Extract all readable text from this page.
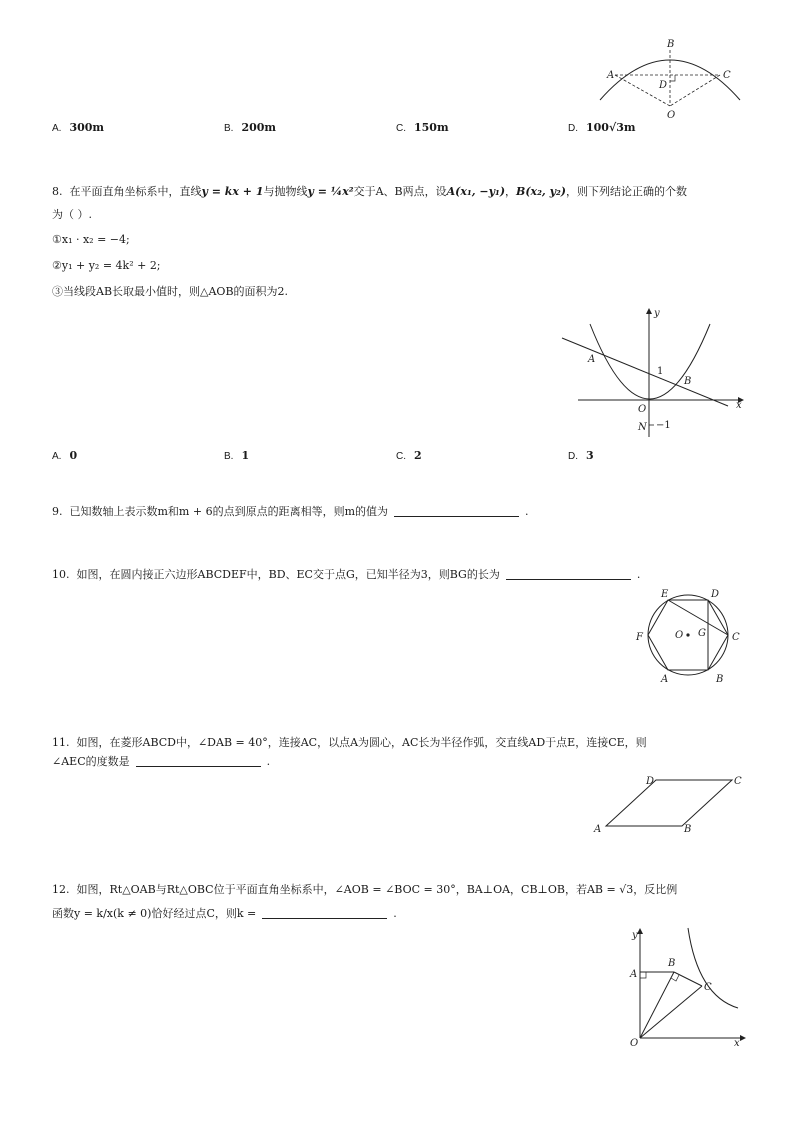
B
A	C
D
O
A. 300m	B. 200m	C. 150m	D. 100√3m
8. 在平面直角坐标系中，直线y = kx + 1与抛物线y = ¼x²交于A、B两点，设A(x₁, −y₁)，B(x₂, y₂)，则下列结论正确的个数
为（ ）.
①x₁ · x₂ = −4;
②y₁ + y₂ = 4k² + 2;
③当线段AB长取最小值时，则△AOB的面积为2.
y
x
A
B
1
O
N −1
A. 0	B. 1	C. 2	D. 3
9. 已知数轴上表示数m和m + 6的点到原点的距离相等，则m的值为	.
10. 如图，在圆内接正六边形ABCDEF中，BD、EC交于点G，已知半径为3，则BG的长为	.
E	D
F	C
O G
A	B
11. 如图，在菱形ABCD中，∠DAB = 40°，连接AC，以点A为圆心，AC长为半径作弧，交直线AD于点E，连接CE，则
∠AEC的度数是	.
A	B
C
D
12. 如图，Rt△OAB与Rt△OBC位于平面直角坐标系中，∠AOB = ∠BOC = 30°，BA⊥OA，CB⊥OB，若AB = √3，反比例
函数y = k/x(k ≠ 0)恰好经过点C，则k =	.
y
x
A
B
C
O
